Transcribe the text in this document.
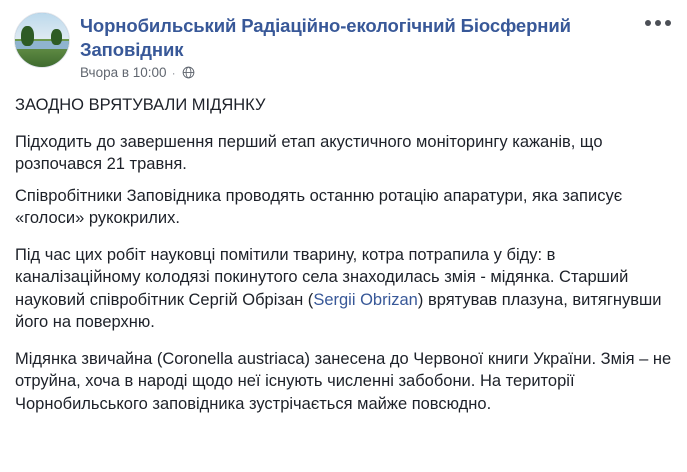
Чорнобильський Радіаційно-екологічний Біосферний Заповідник
Вчора в 10:00 ·

ЗАОДНО ВРЯТУВАЛИ МІДЯНКУ

Підходить до завершення перший етап акустичного моніторингу кажанів, що розпочався 21 травня.

Співробітники Заповідника проводять останню ротацію апаратури, яка записує «голоси» рукокрилих.

Під час цих робіт науковці помітили тварину, котра потрапила у біду: в каналізаційному колодязі покинутого села знаходилась змія - мідянка. Старший науковий співробітник Сергій Обрізан (Sergii Obrizan) врятував плазуна, витягнувши його на поверхню.

Мідянка звичайна (Coronella austriaca) занесена до Червоної книги України. Змія – не отруйна, хоча в народі щодо неї існують численні забобони. На території Чорнобильського заповідника зустрічається майже повсюдно.
